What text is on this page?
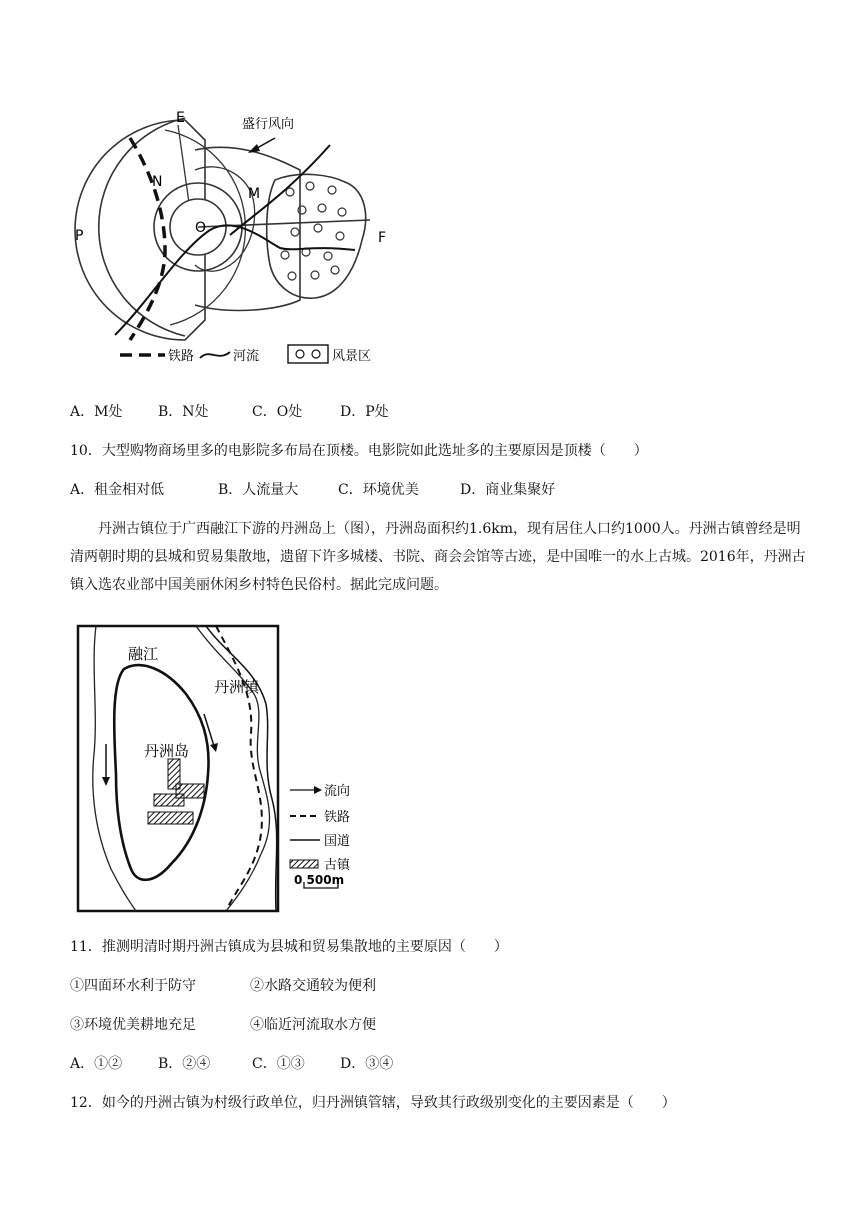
E	盛行风向
N
M
O
P	F
铁路	河流	风景区
A．M处	B．N处	C．O处	D．P处
10．大型购物商场里多的电影院多布局在顶楼。电影院如此选址多的主要原因是顶楼（　　）
A．租金相对低	B．人流量大	C．环境优美	D．商业集聚好
丹洲古镇位于广西融江下游的丹洲岛上（图），丹洲岛面积约1.6km，现有居住人口约1000人。丹洲古镇曾经是明清两朝时期的县城和贸易集散地，遗留下许多城楼、书院、商会会馆等古迹，是中国唯一的水上古城。2016年，丹洲古镇入选农业部中国美丽休闲乡村特色民俗村。据此完成问题。
融江
丹洲镇
丹洲岛
流向
铁路
国道
古镇
0 500m
11．推测明清时期丹洲古镇成为县城和贸易集散地的主要原因（　　）
①四面环水利于防守	②水路交通较为便利
③环境优美耕地充足	④临近河流取水方便
A．①②	B．②④	C．①③	D．③④
12．如今的丹洲古镇为村级行政单位，归丹洲镇管辖，导致其行政级别变化的主要因素是（　　）
